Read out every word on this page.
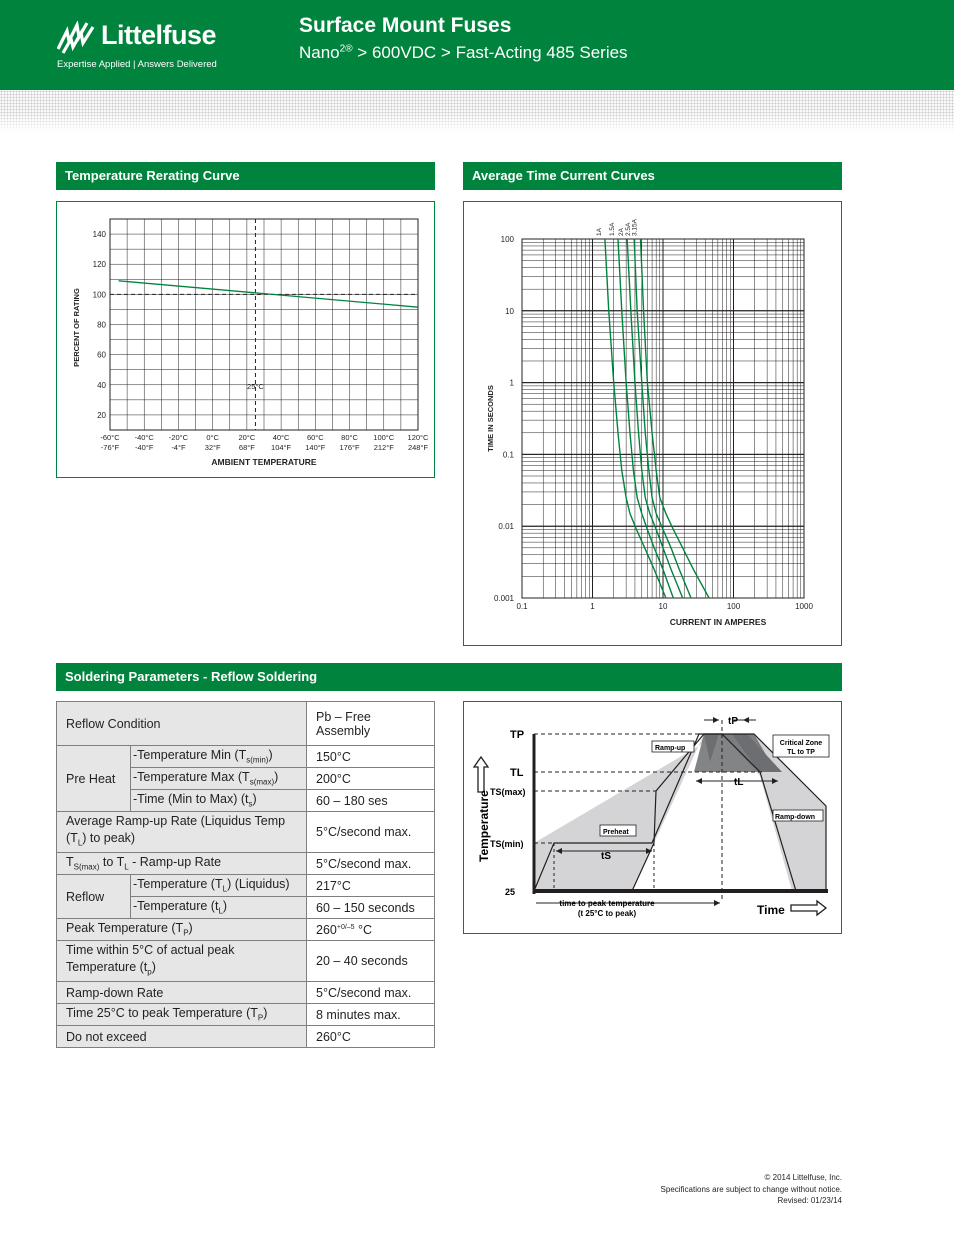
Littelfuse
Expertise Applied | Answers Delivered
Surface Mount Fuses
Nano$^{2®}$ > 600VDC > Fast-Acting 485 Series
Temperature Rerating Curve	Average Time Current Curves
Soldering Parameters - Reflow Soldering
20
40
60
80
100
120
140
-60°C
-76°F
-40°C
-40°F
-20°C
-4°F
0°C
32°F
20°C
68°F
40°C
104°F
60°C
140°F
80°C
176°F
100°C
212°F
120°C
248°F
25°C
AMBIENT TEMPERATURE
PERCENT OF RATING
0.1	1	10	100	1000
100
10
1
0.1
0.01
0.001
1A 1.5A 2A 2.5A 3.15A
CURRENT IN AMPERES
TIME IN SECONDS
Reflow Condition		Pb – Free Assembly
Pre Heat	-Temperature Min $(T_{s(min)})$	150°C
	-Temperature Max $(T_{s(max)})$	200°C
	-Time (Min to Max) $(t_s)$	60 – 180 ses
Average Ramp-up Rate (Liquidus Temp
$(T_L)$ to peak)		5°C/second max.
$T_{S(max)}$ to $T_L$ - Ramp-up Rate		5°C/second max.
Reflow	-Temperature $(T_L)$ (Liquidus)	217°C
	-Temperature $(t_L)$	60 – 150 seconds
Peak Temperature $(T_P)$		$260^{+0/-5}$ °C
Time within 5°C of actual peak
Temperature $(t_p)$		20 – 40 seconds
Ramp-down Rate		5°C/second max.
Time 25°C to peak Temperature $(T_P)$		8 minutes max.
Do not exceed		260°C
Temperature
Time
TP
TL
TS(max)
TS(min)
25
tP
tL
tS
Ramp-up
Ramp-down
Preheat
Critical Zone
TL to TP
time to peak temperature
(t 25°C to peak)
© 2014 Littelfuse, Inc.
Specifications are subject to change without notice.
Revised: 01/23/14
